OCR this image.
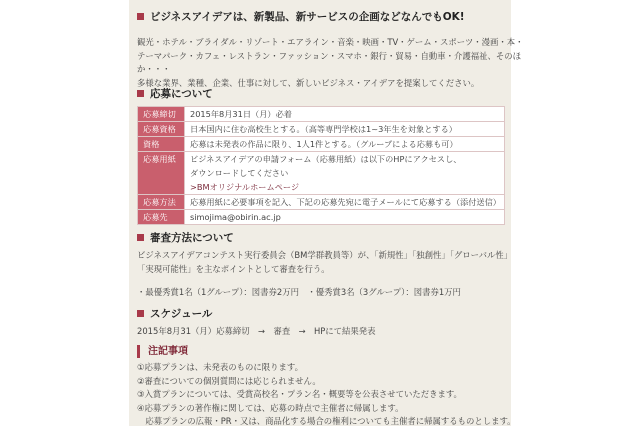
ビジネスアイデアは、新製品、新サービスの企画などなんでもOK!
観光・ホテル・ブライダル・リゾート・エアライン・音楽・映画・TV・ゲーム・スポーツ・漫画・本・
テーマパーク・カフェ・レストラン・ファッション・スマホ・銀行・貿易・自動車・介護福祉、そのほ
か・・・
多様な業界、業種、企業、仕事に対して、新しいビジネス・アイデアを提案してください。
応募について
応募締切	2015年8月31日（月）必着
応募資格	日本国内に住む高校生とする。（高等専門学校は1~3年生を対象とする）
資格	応募は未発表の作品に限り、1人1件とする。（グループによる応募も可）
応募用紙	ビジネスアイデアの申請フォーム（応募用紙）は以下のHPにアクセスし、
ダウンロードしてください
>BMオリジナルホームページ

応募方法	応募用紙に必要事項を記入、下記の応募先宛に電子メールにて応募する（添付送信）
応募先	simojima@obirin.ac.jp
審査方法について
ビジネスアイデアコンテスト実行委員会（BM学群教員等）が、「新規性」「独創性」「グローバル性」
「実現可能性」を主なポイントとして審査を行う。
・最優秀賞1名（1グループ）：図書券2万円　・優秀賞3名（3グループ）：図書券1万円
スケジュール
2015年8月31（月）応募締切　→　審査　→　HPにて結果発表
注記事項
①応募プランは、未発表のものに限ります。
②審査についての個別質問には応じられません。
③入賞プランについては、受賞高校名・プラン名・概要等を公表させていただきます。
④応募プランの著作権に関しては、応募の時点で主催者に帰属します。
　応募プランの広報・PR・又は、商品化する場合の権利についても主催者に帰属するものとします。
